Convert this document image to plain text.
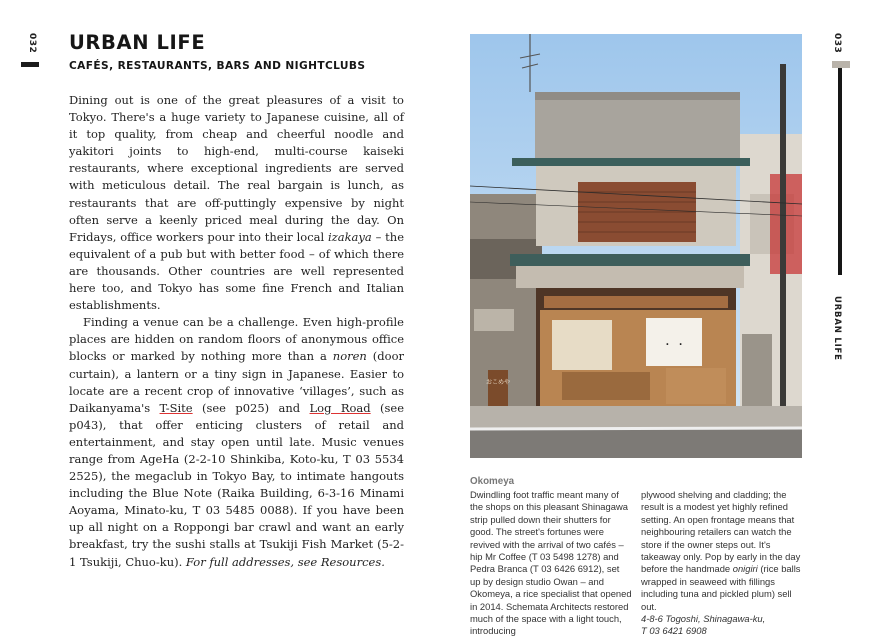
032 URBAN LIFE
CAFÉS, RESTAURANTS, BARS AND NIGHTCLUBS

Dining out is one of the great pleasures of a visit to Tokyo. There's a huge variety to Japanese cuisine, all of it top quality, from cheap and cheerful noodle and yakitori joints to high-end, multi-course kaiseki restaurants, where exceptional ingredients are served with meticulous detail. The real bargain is lunch, as restaurants that are off-puttingly expensive by night often serve a keenly priced meal during the day. On Fridays, office workers pour into their local izakaya – the equivalent of a pub but with better food – of which there are thousands. Other countries are well represented here too, and Tokyo has some fine French and Italian establishments.

Finding a venue can be a challenge. Even high-profile places are hidden on random floors of anonymous office blocks or marked by nothing more than a noren (door curtain), a lantern or a tiny sign in Japanese. Easier to locate are a recent crop of innovative ‘villages’, such as Daikanyama's T-Site (see p025) and Log Road (see p043), that offer enticing clusters of retail and entertainment, and stay open until late. Music venues range from AgeHa (2-2-10 Shinkiba, Koto-ku, T 03 5534 2525), the megaclub in Tokyo Bay, to intimate hangouts including the Blue Note (Raika Building, 6-3-16 Minami Aoyama, Minato-ku, T 03 5485 0088). If you have been up all night on a Roppongi bar crawl and want an early breakfast, try the sushi stalls at Tsukiji Fish Market (5-2-1 Tsukiji, Chuo-ku). For full addresses, see Resources.

・ ・
おこめや
Okomeya

Dwindling foot traffic meant many of the shops on this pleasant Shinagawa strip pulled down their shutters for good. The street's fortunes were revived with the arrival of two cafés – hip Mr Coffee (T 03 5498 1278) and Pedra Branca (T 03 6426 6912), set up by design studio Owan – and Okomeya, a rice specialist that opened in 2014. Schemata Architects restored much of the space with a light touch, introducing

plywood shelving and cladding; the result is a modest yet highly refined setting. An open frontage means that neighbouring retailers can watch the store if the owner steps out. It's takeaway only. Pop by early in the day before the handmade onigiri (rice balls wrapped in seaweed with fillings including tuna and pickled plum) sell out.

4-8-6 Togoshi, Shinagawa-ku,

T 03 6421 6908

033
URBAN LIFE
